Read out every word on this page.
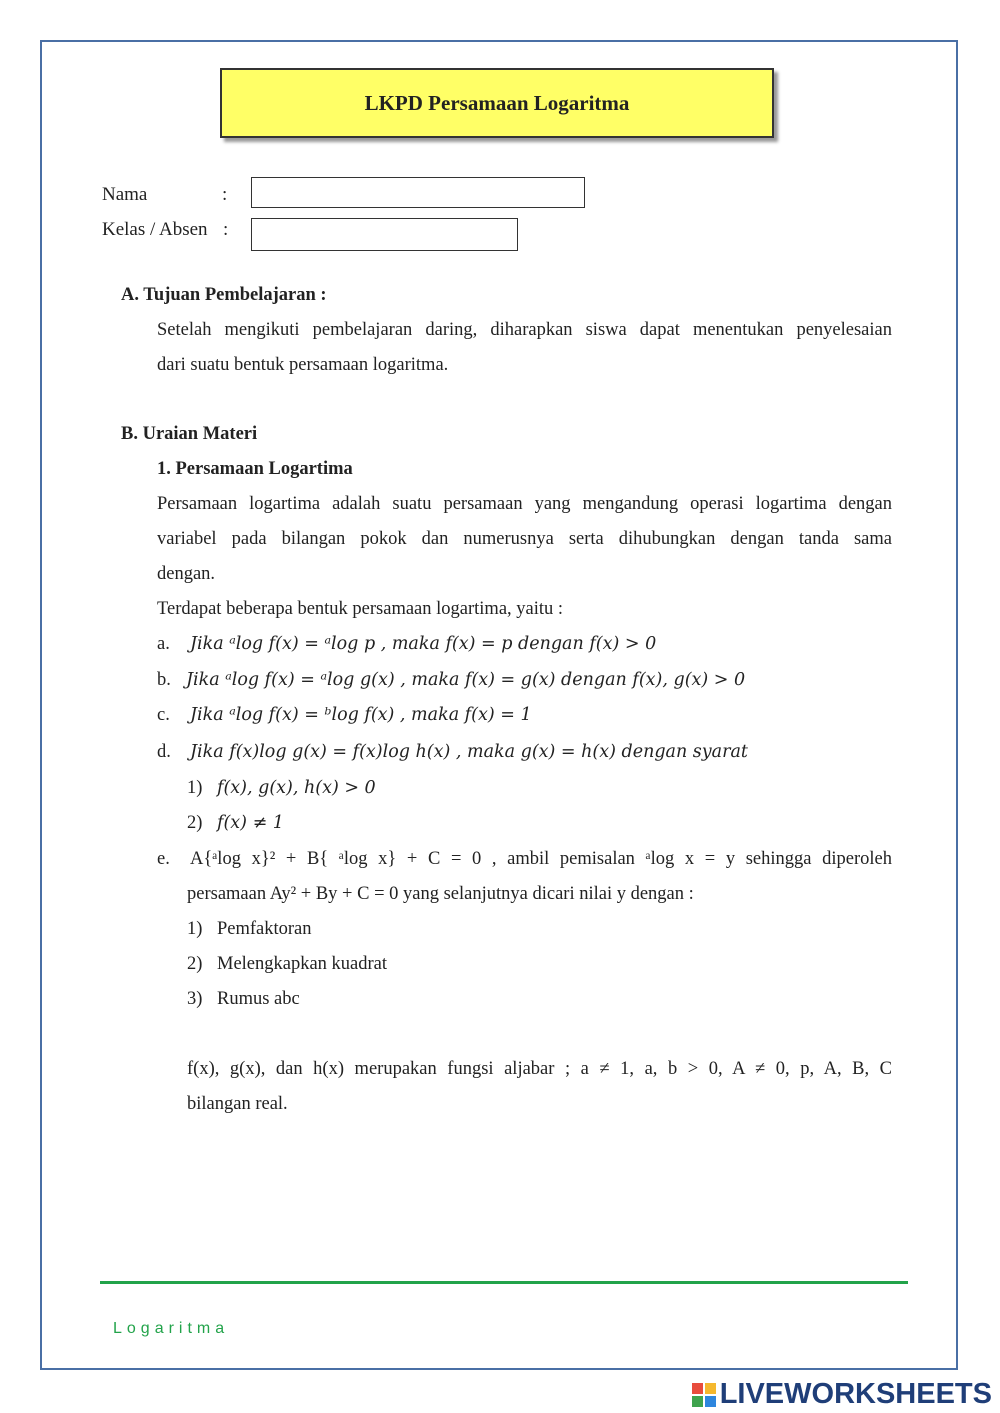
LKPD Persamaan Logaritma
Nama	:
Kelas / Absen :
A. Tujuan Pembelajaran :
Setelah mengikuti pembelajaran daring, diharapkan siswa dapat menentukan penyelesaian
dari suatu bentuk persamaan logaritma.
B. Uraian Materi
1. Persamaan Logartima
Persamaan logartima adalah suatu persamaan yang mengandung operasi logartima dengan
variabel pada bilangan pokok dan numerusnya serta dihubungkan dengan tanda sama
dengan.
Terdapat beberapa bentuk persamaan logartima, yaitu :
a. Jika ᵃlog f(x) = ᵃlog p , maka f(x) = p dengan f(x) > 0
b. Jika ᵃlog f(x) = ᵃlog g(x) , maka f(x) = g(x) dengan f(x), g(x) > 0
c. Jika ᵃlog f(x) = ᵇlog f(x) , maka f(x) = 1
d. Jika f(x)log g(x) = f(x)log h(x) , maka g(x) = h(x) dengan syarat
1) f(x), g(x), h(x) > 0
2) f(x) ≠ 1
e. A{ᵃlog x}² + B{ ᵃlog x} + C = 0 , ambil pemisalan ᵃlog x = y sehingga diperoleh
persamaan Ay² + By + C = 0 yang selanjutnya dicari nilai y dengan :
1) Pemfaktoran
2) Melengkapkan kuadrat
3) Rumus abc
f(x), g(x), dan h(x) merupakan fungsi aljabar ; a ≠ 1, a, b > 0, A ≠ 0, p, A, B, C
bilangan real.
Logaritma
LIVEWORKSHEETS
